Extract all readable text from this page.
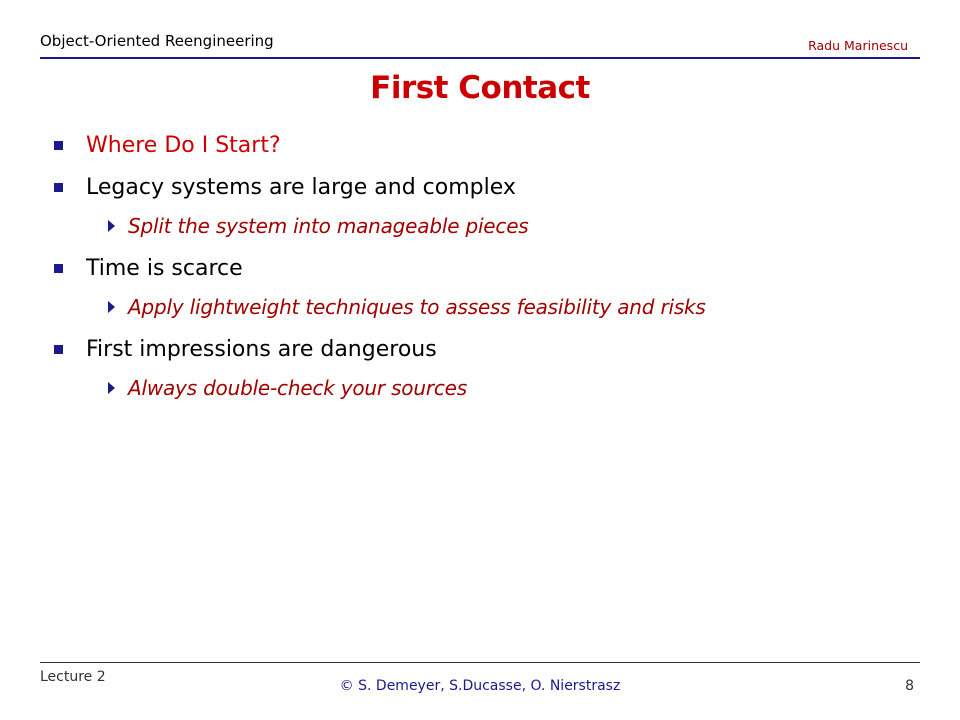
Object-Oriented Reengineering	Radu Marinescu
First Contact
Where Do I Start?
Legacy systems are large and complex
Split the system into manageable pieces
Time is scarce
Apply lightweight techniques to assess feasibility and risks
First impressions are dangerous
Always double-check your sources
Lecture 2
© S. Demeyer, S.Ducasse, O. Nierstrasz	8
